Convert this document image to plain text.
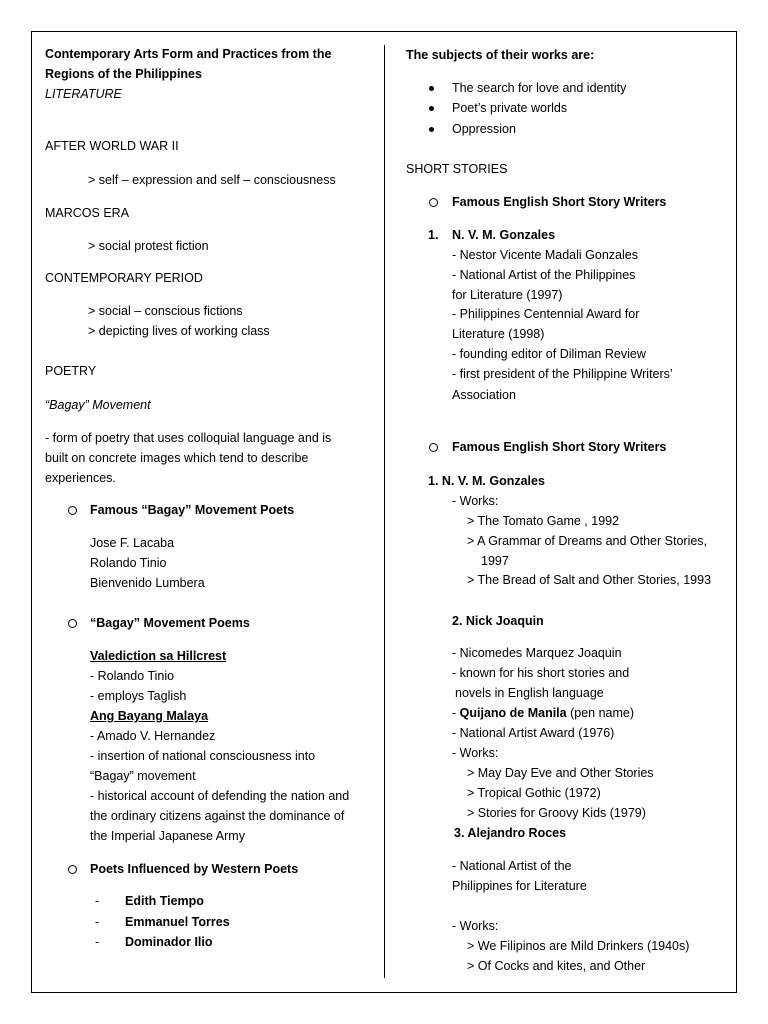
Contemporary Arts Form and Practices from the
Regions of the Philippines
LITERATURE
AFTER WORLD WAR II
> self – expression and self – consciousness
MARCOS ERA
> social protest fiction
CONTEMPORARY PERIOD
> social – conscious fictions
> depicting lives of working class
POETRY
“Bagay” Movement
- form of poetry that uses colloquial language and is
built on concrete images which tend to describe
experiences.
Famous “Bagay” Movement Poets
Jose F. Lacaba
Rolando Tinio
Bienvenido Lumbera
“Bagay” Movement Poems
Valediction sa Hillcrest
- Rolando Tinio
- employs Taglish
Ang Bayang Malaya
- Amado V. Hernandez
- insertion of national consciousness into
“Bagay” movement
- historical account of defending the nation and
the ordinary citizens against the dominance of
the Imperial Japanese Army
Poets Influenced by Western Poets
- Edith Tiempo
- Emmanuel Torres
- Dominador Ilio
The subjects of their works are:
The search for love and identity
Poet’s private worlds
Oppression
SHORT STORIES
Famous English Short Story Writers
1. N. V. M. Gonzales
- Nestor Vicente Madali Gonzales
- National Artist of the Philippines
for Literature (1997)
- Philippines Centennial Award for
Literature (1998)
- founding editor of Diliman Review
- first president of the Philippine Writers’
Association
Famous English Short Story Writers
1. N. V. M. Gonzales
- Works:
> The Tomato Game , 1992
> A Grammar of Dreams and Other Stories,
1997
> The Bread of Salt and Other Stories, 1993
2. Nick Joaquin
- Nicomedes Marquez Joaquin
- known for his short stories and
novels in English language
- Quijano de Manila (pen name)
- National Artist Award (1976)
- Works:
> May Day Eve and Other Stories
> Tropical Gothic (1972)
> Stories for Groovy Kids (1979)
3. Alejandro Roces
- National Artist of the
Philippines for Literature
- Works:
> We Filipinos are Mild Drinkers (1940s)
> Of Cocks and kites, and Other
